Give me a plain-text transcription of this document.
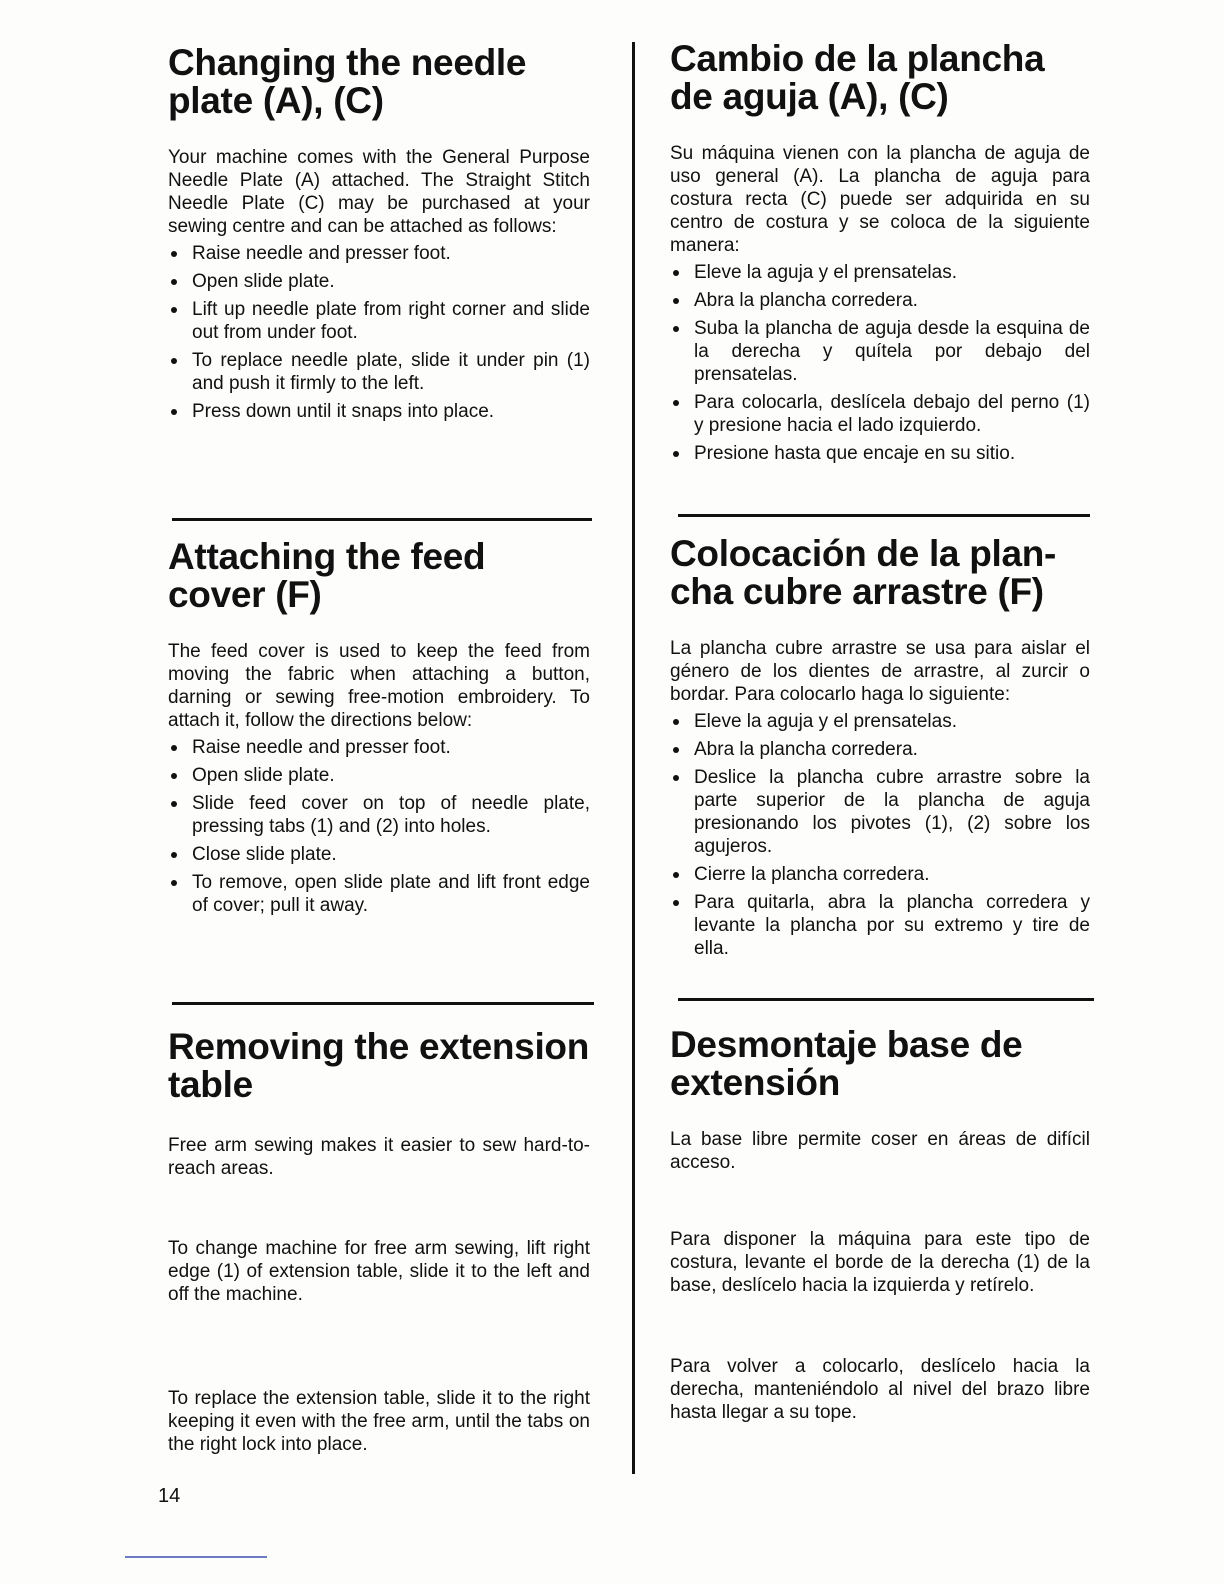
Changing the needle plate (A), (C)

Your machine comes with the General Purpose Needle Plate (A) attached. The Straight Stitch Needle Plate (C) may be purchased at your sewing centre and can be attached as follows:

Raise needle and presser foot.
Open slide plate.
Lift up needle plate from right corner and slide out from under foot.
To replace needle plate, slide it under pin (1) and push it firmly to the left.
Press down until it snaps into place.
Attaching the feed cover (F)

The feed cover is used to keep the feed from moving the fabric when attaching a button, darning or sewing free-motion embroidery. To attach it, follow the directions below:

Raise needle and presser foot.
Open slide plate.
Slide feed cover on top of needle plate, pressing tabs (1) and (2) into holes.
Close slide plate.
To remove, open slide plate and lift front edge of cover; pull it away.
Removing the extension table

Free arm sewing makes it easier to sew hard-to-reach areas.

To change machine for free arm sewing, lift right edge (1) of extension table, slide it to the left and off the machine.

To replace the extension table, slide it to the right keeping it even with the free arm, until the tabs on the right lock into place.

Cambio de la plancha de aguja (A), (C)

Su máquina vienen con la plancha de aguja de uso general (A). La plancha de aguja para costura recta (C) puede ser adquirida en su centro de costura y se coloca de la siguiente manera:

Eleve la aguja y el prensatelas.
Abra la plancha corredera.
Suba la plancha de aguja desde la esquina de la derecha y quítela por debajo del prensatelas.
Para colocarla, deslícela debajo del perno (1) y presione hacia el lado izquierdo.
Presione hasta que encaje en su sitio.
Colocación de la plan-cha cubre arrastre (F)

La plancha cubre arrastre se usa para aislar el género de los dientes de arrastre, al zurcir o bordar. Para colocarlo haga lo siguiente:

Eleve la aguja y el prensatelas.
Abra la plancha corredera.
Deslice la plancha cubre arrastre sobre la parte superior de la plancha de aguja presionando los pivotes (1), (2) sobre los agujeros.
Cierre la plancha corredera.
Para quitarla, abra la plancha corredera y levante la plancha por su extremo y tire de ella.
Desmontaje base de extensión

La base libre permite coser en áreas de difícil acceso.

Para disponer la máquina para este tipo de costura, levante el borde de la derecha (1) de la base, deslícelo hacia la izquierda y retírelo.

Para volver a colocarlo, deslícelo hacia la derecha, manteniéndolo al nivel del brazo libre hasta llegar a su tope.

14
